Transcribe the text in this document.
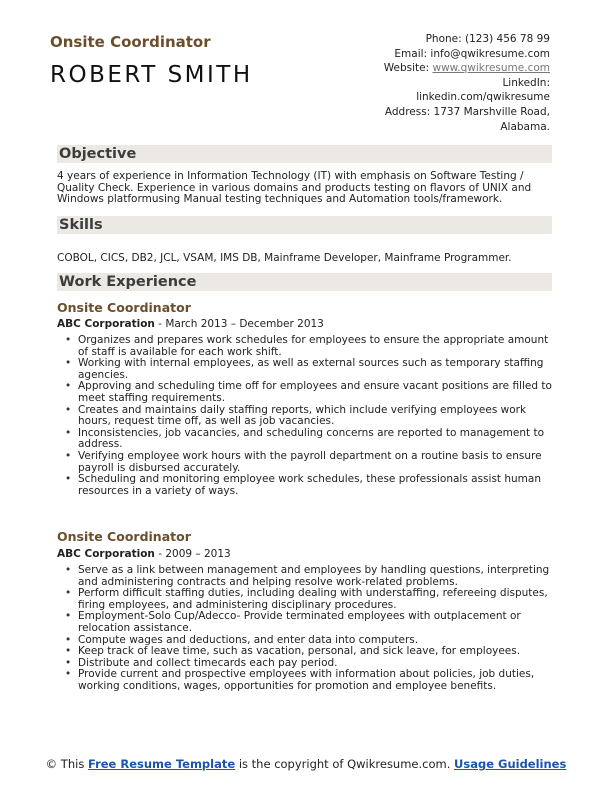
Onsite Coordinator
ROBERT SMITH
Phone: (123) 456 78 99
Email: info@qwikresume.com
Website: www.qwikresume.com
LinkedIn:
linkedin.com/qwikresume
Address: 1737 Marshville Road,
Alabama.
Objective
4 years of experience in Information Technology (IT) with emphasis on Software Testing / Quality Check. Experience in various domains and products testing on flavors of UNIX and Windows platformusing Manual testing techniques and Automation tools/framework.
Skills
COBOL, CICS, DB2, JCL, VSAM, IMS DB, Mainframe Developer, Mainframe Programmer.
Work Experience
Onsite Coordinator
ABC Corporation - March 2013 – December 2013
• Organizes and prepares work schedules for employees to ensure the appropriate amount of staff is available for each work shift.
• Working with internal employees, as well as external sources such as temporary staffing agencies.
• Approving and scheduling time off for employees and ensure vacant positions are filled to meet staffing requirements.
• Creates and maintains daily staffing reports, which include verifying employees work hours, request time off, as well as job vacancies.
• Inconsistencies, job vacancies, and scheduling concerns are reported to management to address.
• Verifying employee work hours with the payroll department on a routine basis to ensure payroll is disbursed accurately.
• Scheduling and monitoring employee work schedules, these professionals assist human resources in a variety of ways.
Onsite Coordinator
ABC Corporation - 2009 – 2013
• Serve as a link between management and employees by handling questions, interpreting and administering contracts and helping resolve work-related problems.
• Perform difficult staffing duties, including dealing with understaffing, refereeing disputes, firing employees, and administering disciplinary procedures.
• Employment-Solo Cup/Adecco- Provide terminated employees with outplacement or relocation assistance.
• Compute wages and deductions, and enter data into computers.
• Keep track of leave time, such as vacation, personal, and sick leave, for employees.
• Distribute and collect timecards each pay period.
• Provide current and prospective employees with information about policies, job duties, working conditions, wages, opportunities for promotion and employee benefits.
© This Free Resume Template is the copyright of Qwikresume.com. Usage Guidelines
